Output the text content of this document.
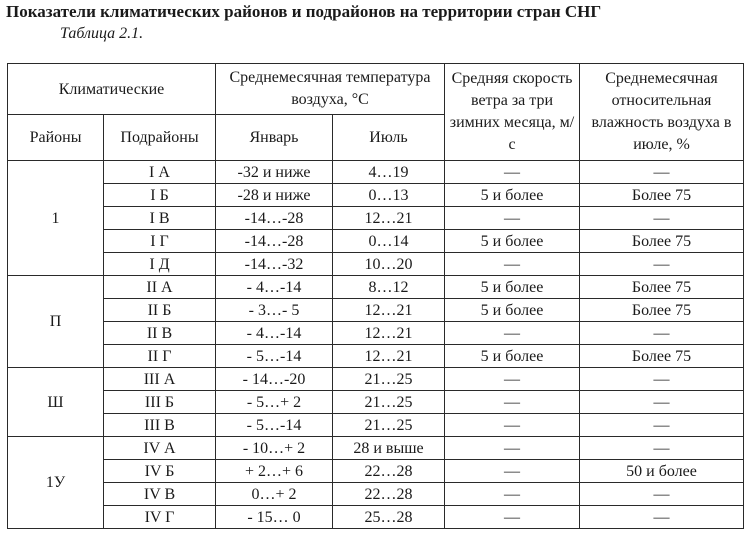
Показатели климатических районов и подрайонов на территории стран СНГ
Таблица 2.1.
Климатические		Среднемесячная температура воздуха, °С		Средняя скорость ветра за три зимних месяца, м/с	Среднемесячная относительная влажность воздуха в июле, %
Районы	Подрайоны	Январь	Июль		
1	I А	-32 и ниже	4…19	—	—
	I Б	-28 и ниже	0…13	5 и более	Более 75
	I В	-14…-28	12…21	—	—
	I Г	-14…-28	0…14	5 и более	Более 75
	I Д	-14…-32	10…20	—	—
П	II А	- 4…-14	8…12	5 и более	Более 75
	II Б	- 3…- 5	12…21	5 и более	Более 75
	II В	- 4…-14	12…21	—	—
	II Г	- 5…-14	12…21	5 и более	Более 75
Ш	III А	- 14…-20	21…25	—	—
	III Б	- 5…+ 2	21…25	—	—
	III В	- 5…-14	21…25	—	—
1У	IV А	- 10…+ 2	28 и выше	—	—
	IV Б	+ 2…+ 6	22…28	—	50 и более
	IV В	0…+ 2	22…28	—	—
	IV Г	- 15… 0	25…28	—	—
